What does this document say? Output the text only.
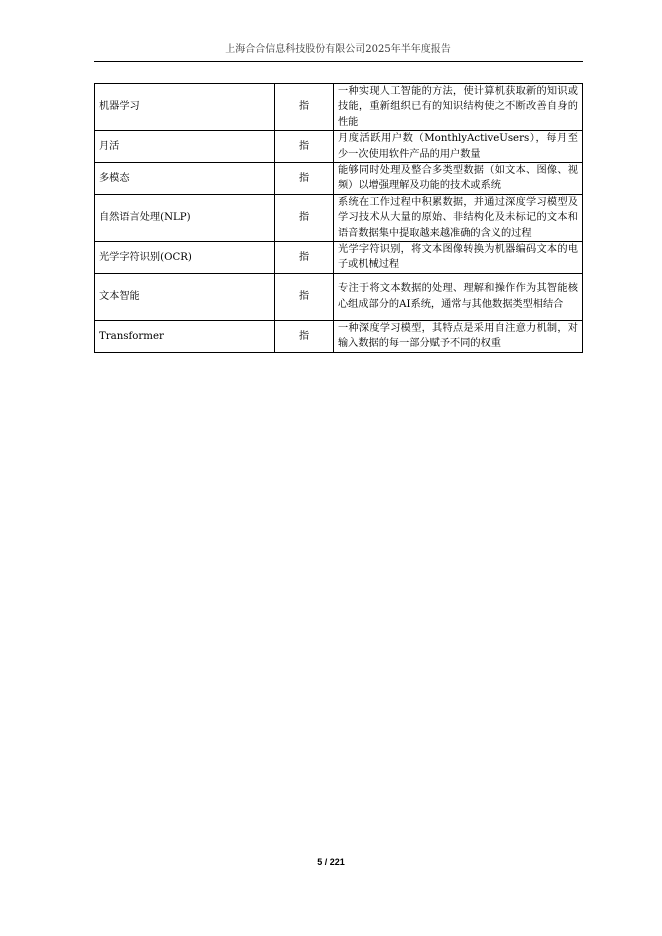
上海合合信息科技股份有限公司2025年半年度报告
机器学习	指	一种实现人工智能的方法，使计算机获取新的知识或技能，重新组织已有的知识结构使之不断改善自身的性能
月活	指	月度活跃用户数（MonthlyActiveUsers），每月至少一次使用软件产品的用户数量
多模态	指	能够同时处理及整合多类型数据（如文本、图像、视频）以增强理解及功能的技术或系统
自然语言处理(NLP)	指	系统在工作过程中积累数据，并通过深度学习模型及学习技术从大量的原始、非结构化及未标记的文本和语音数据集中提取越来越准确的含义的过程
光学字符识别(OCR)	指	光学字符识别，将文本图像转换为机器编码文本的电子或机械过程
文本智能	指	专注于将文本数据的处理、理解和操作作为其智能核心组成部分的AI系统，通常与其他数据类型相结合
Transformer	指	一种深度学习模型，其特点是采用自注意力机制，对输入数据的每一部分赋予不同的权重
5 / 221
